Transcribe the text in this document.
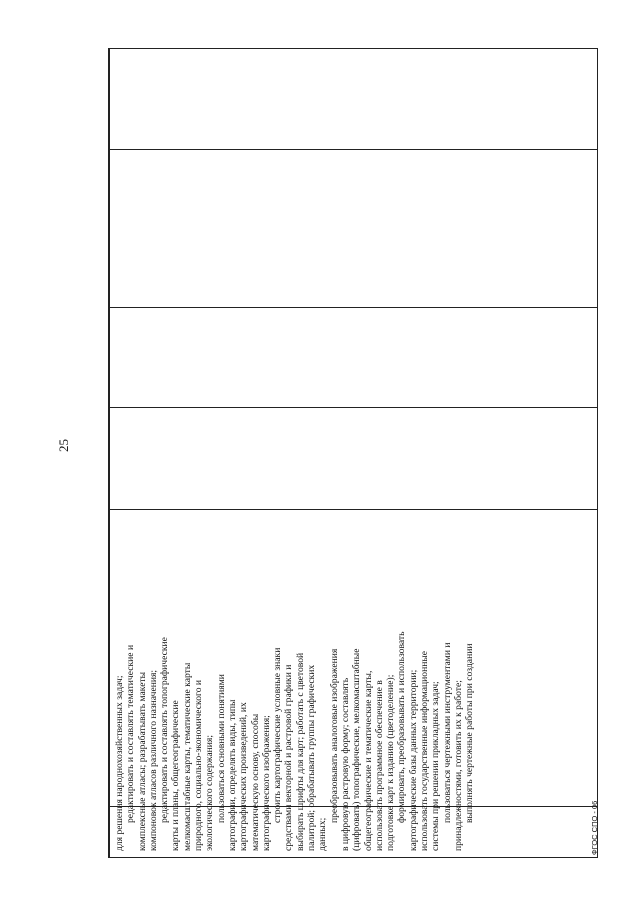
25

для решения народнохозяйственных задач; редактировать и составлять тематические и комплексные атласы; разрабатывать макеты компоновок атласов различного назначения; редактировать и составлять топографические карты и планы, общегеографические мелкомасштабные карты, тематические карты природного, социально-экономического и экологического содержания; пользоваться основными понятиями картографии, определять виды, типы картографических произведений, их математическую основу, способы картографического изображения; строить картографические условные знаки средствами векторной и растровой графики и выбирать шрифты для карт; работать с цветовой палитрой; обрабатывать группы графических данных;

преобразовывать аналоговые изображения в цифровую растровую форму; составлять (цифровать) топографические, мелкомасштабные общегеографические и тематические карты, использовать программное обеспечение в подготовке карт к изданию (цветоделение); формировать, преобразовывать и использовать картографические базы данных территории; использовать государственные информационные системы при решении прикладных задач; пользоваться чертежными инструментами и принадлежностями, готовить их к работе; выполнять чертежные работы при создании

ФГОС СПО - 06
